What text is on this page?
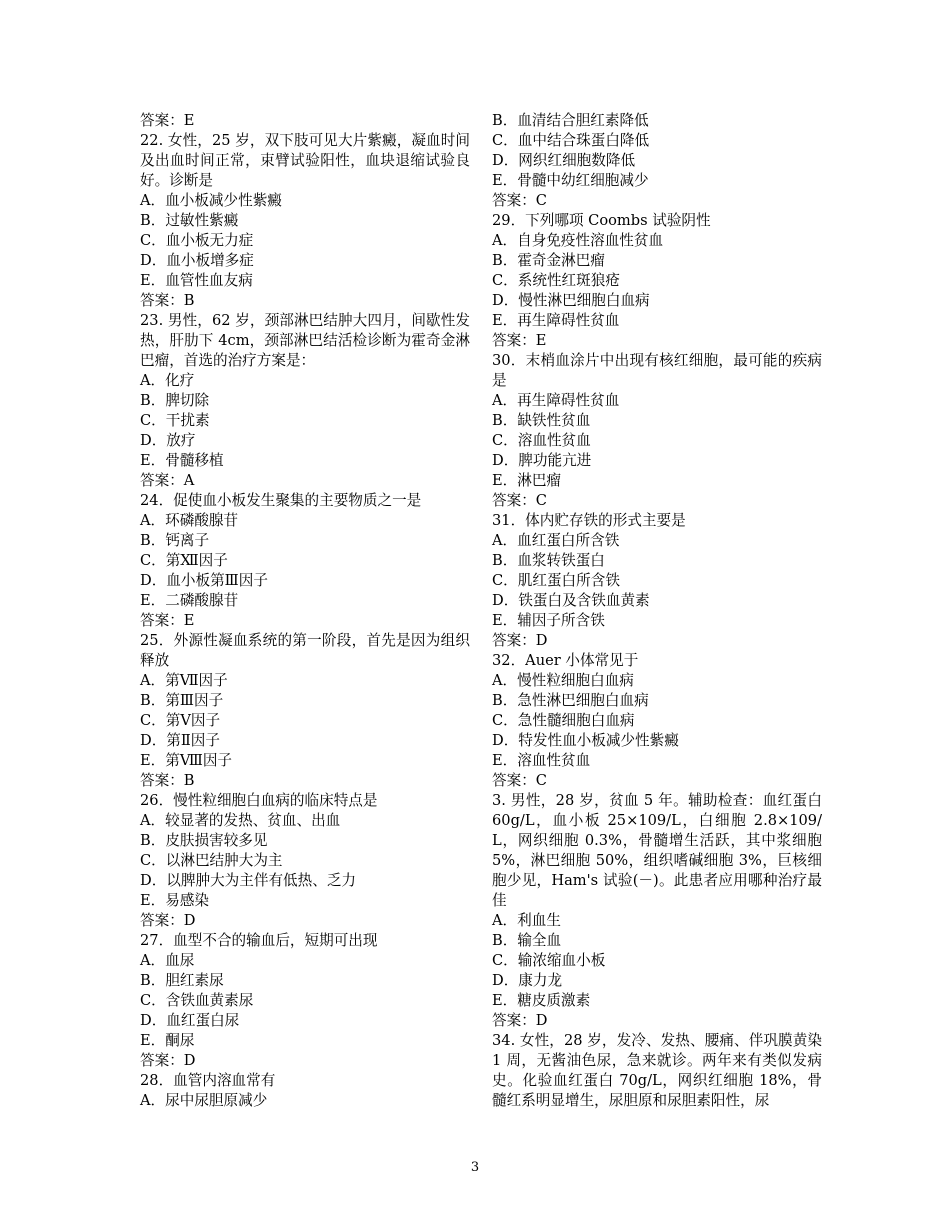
答案：E

22. 女性，25 岁，双下肢可见大片紫癜，凝血时间及出血时间正常，束臂试验阳性，血块退缩试验良好。诊断是

A．血小板减少性紫癜

B．过敏性紫癜

C．血小板无力症

D．血小板增多症

E．血管性血友病

答案：B

23. 男性，62 岁，颈部淋巴结肿大四月，间歇性发热，肝肋下 4cm，颈部淋巴结活检诊断为霍奇金淋巴瘤，首选的治疗方案是：

A．化疗

B．脾切除

C．干扰素

D．放疗

E．骨髓移植

答案：A

24．促使血小板发生聚集的主要物质之一是

A．环磷酸腺苷

B．钙离子

C．第Ⅻ因子

D．血小板第Ⅲ因子

E．二磷酸腺苷

答案：E

25．外源性凝血系统的第一阶段，首先是因为组织释放

A．第Ⅶ因子

B．第Ⅲ因子

C．第Ⅴ因子

D．第Ⅱ因子

E．第Ⅷ因子

答案：B

26．慢性粒细胞白血病的临床特点是

A．较显著的发热、贫血、出血

B．皮肤损害较多见

C．以淋巴结肿大为主

D．以脾肿大为主伴有低热、乏力

E．易感染

答案：D

27．血型不合的输血后，短期可出现

A．血尿

B．胆红素尿

C．含铁血黄素尿

D．血红蛋白尿

E．酮尿

答案：D

28．血管内溶血常有

A．尿中尿胆原减少

B．血清结合胆红素降低

C．血中结合珠蛋白降低

D．网织红细胞数降低

E．骨髓中幼红细胞减少

答案：C

29．下列哪项 Coombs 试验阴性

A．自身免疫性溶血性贫血

B．霍奇金淋巴瘤

C．系统性红斑狼疮

D．慢性淋巴细胞白血病

E．再生障碍性贫血

答案：E

30．末梢血涂片中出现有核红细胞，最可能的疾病是

A．再生障碍性贫血

B．缺铁性贫血

C．溶血性贫血

D．脾功能亢进

E．淋巴瘤

答案：C

31．体内贮存铁的形式主要是

A．血红蛋白所含铁

B．血浆转铁蛋白

C．肌红蛋白所含铁

D．铁蛋白及含铁血黄素

E．辅因子所含铁

答案：D

32．Auer 小体常见于

A．慢性粒细胞白血病

B．急性淋巴细胞白血病

C．急性髓细胞白血病

D．特发性血小板减少性紫癜

E．溶血性贫血

答案：C

3. 男性，28 岁，贫血 5 年。辅助检查：血红蛋白 60g/L，血小板 25×109/L，白细胞 2.8×109/L，网织细胞 0.3%，骨髓增生活跃，其中浆细胞 5%，淋巴细胞 50%，组织嗜碱细胞 3%，巨核细胞少见，Ham's 试验(－)。此患者应用哪种治疗最佳

A．利血生

B．输全血

C．输浓缩血小板

D．康力龙

E．糖皮质激素

答案：D

34. 女性，28 岁，发冷、发热、腰痛、伴巩膜黄染 1 周，无酱油色尿，急来就诊。两年来有类似发病史。化验血红蛋白 70g/L，网织红细胞 18%，骨髓红系明显增生，尿胆原和尿胆素阳性，尿

3
